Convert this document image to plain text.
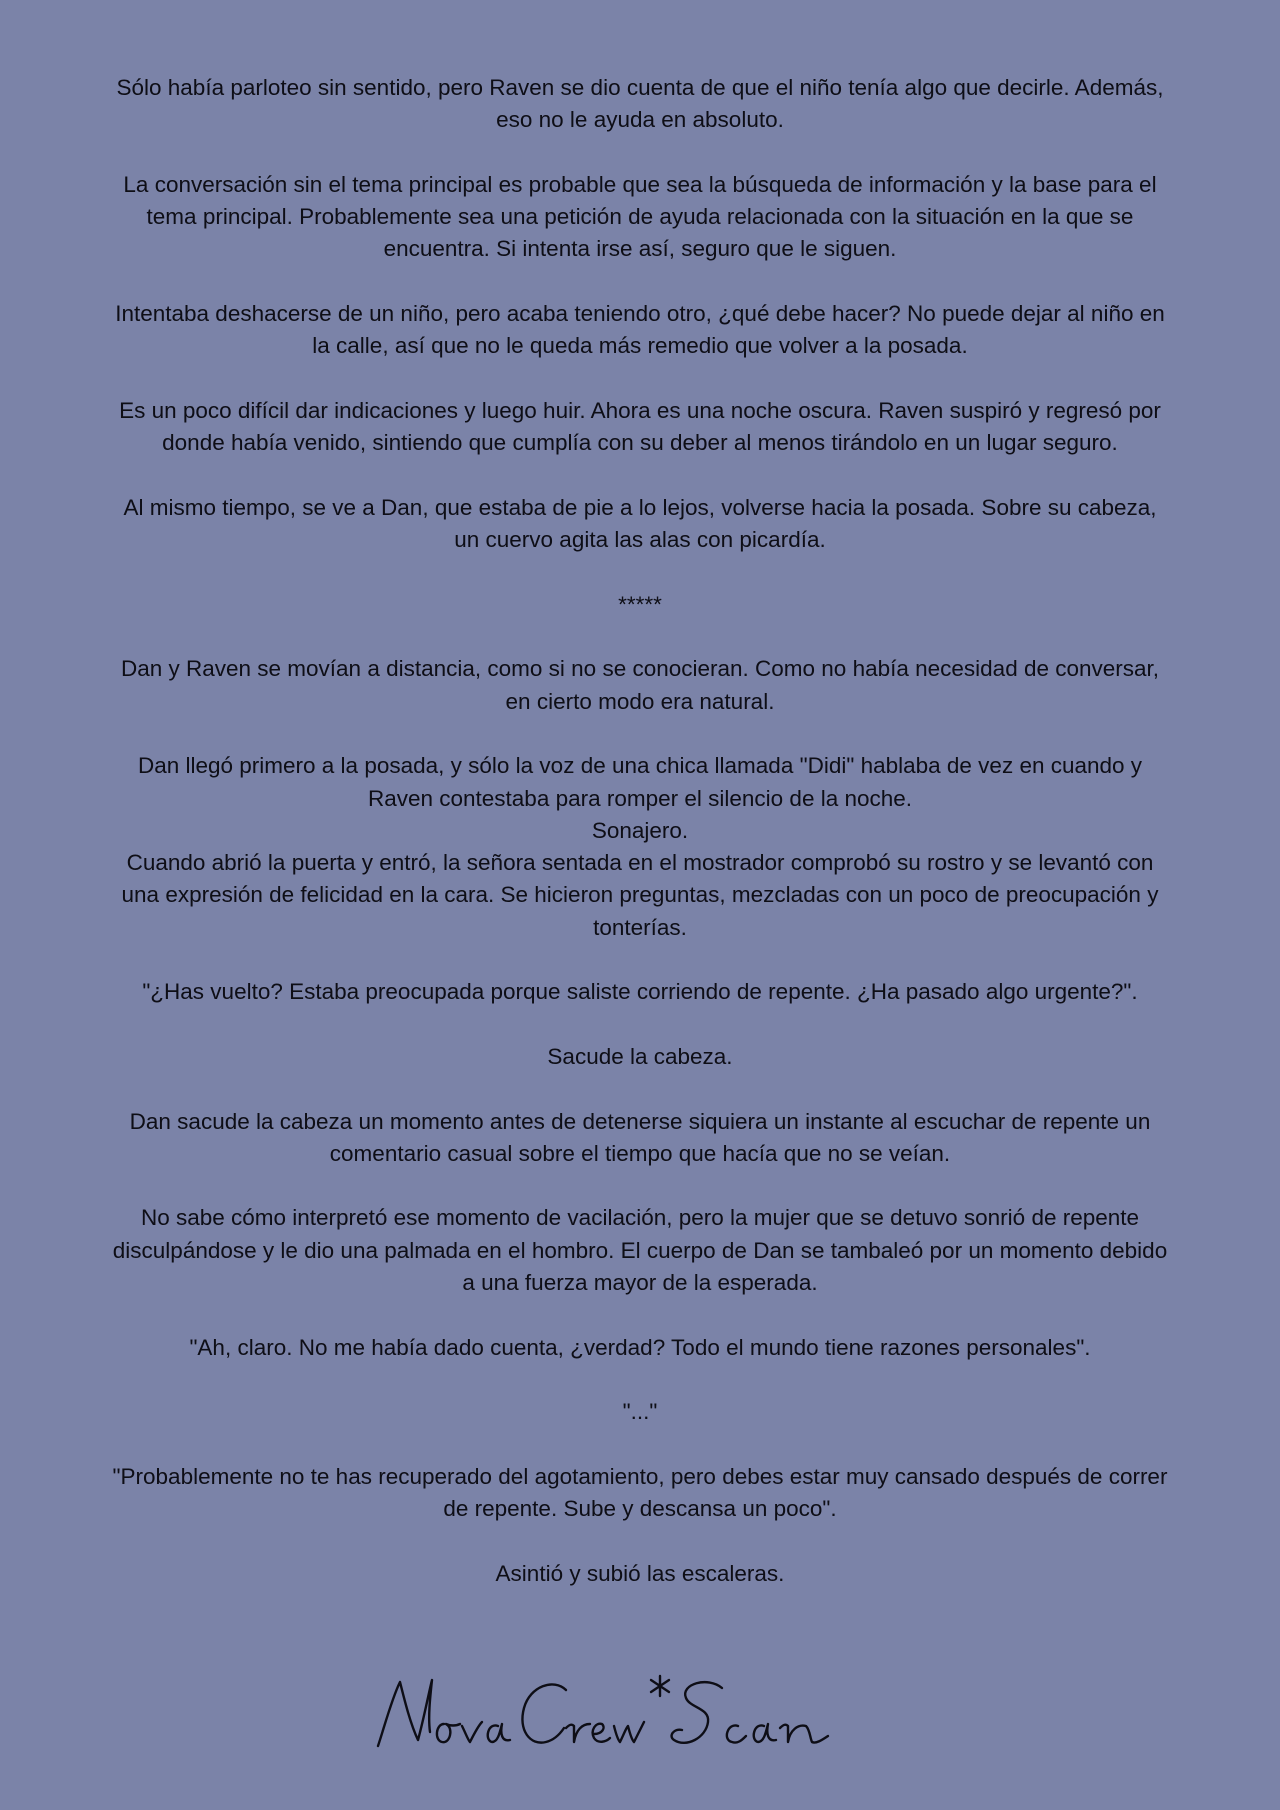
Sólo había parloteo sin sentido, pero Raven se dio cuenta de que el niño tenía algo que decirle. Además, eso no le ayuda en absoluto.

La conversación sin el tema principal es probable que sea la búsqueda de información y la base para el tema principal. Probablemente sea una petición de ayuda relacionada con la situación en la que se encuentra. Si intenta irse así, seguro que le siguen.

Intentaba deshacerse de un niño, pero acaba teniendo otro, ¿qué debe hacer? No puede dejar al niño en la calle, así que no le queda más remedio que volver a la posada.

Es un poco difícil dar indicaciones y luego huir. Ahora es una noche oscura. Raven suspiró y regresó por donde había venido, sintiendo que cumplía con su deber al menos tirándolo en un lugar seguro.

Al mismo tiempo, se ve a Dan, que estaba de pie a lo lejos, volverse hacia la posada. Sobre su cabeza, un cuervo agita las alas con picardía.

*****

Dan y Raven se movían a distancia, como si no se conocieran. Como no había necesidad de conversar, en cierto modo era natural.

Dan llegó primero a la posada, y sólo la voz de una chica llamada "Didi" hablaba de vez en cuando y Raven contestaba para romper el silencio de la noche.

Sonajero.

Cuando abrió la puerta y entró, la señora sentada en el mostrador comprobó su rostro y se levantó con una expresión de felicidad en la cara. Se hicieron preguntas, mezcladas con un poco de preocupación y tonterías.

"¿Has vuelto? Estaba preocupada porque saliste corriendo de repente. ¿Ha pasado algo urgente?".

Sacude la cabeza.

Dan sacude la cabeza un momento antes de detenerse siquiera un instante al escuchar de repente un comentario casual sobre el tiempo que hacía que no se veían.

No sabe cómo interpretó ese momento de vacilación, pero la mujer que se detuvo sonrió de repente disculpándose y le dio una palmada en el hombro. El cuerpo de Dan se tambaleó por un momento debido a una fuerza mayor de la esperada.

"Ah, claro. No me había dado cuenta, ¿verdad? Todo el mundo tiene razones personales".

"..."

"Probablemente no te has recuperado del agotamiento, pero debes estar muy cansado después de correr de repente. Sube y descansa un poco".

Asintió y subió las escaleras.
